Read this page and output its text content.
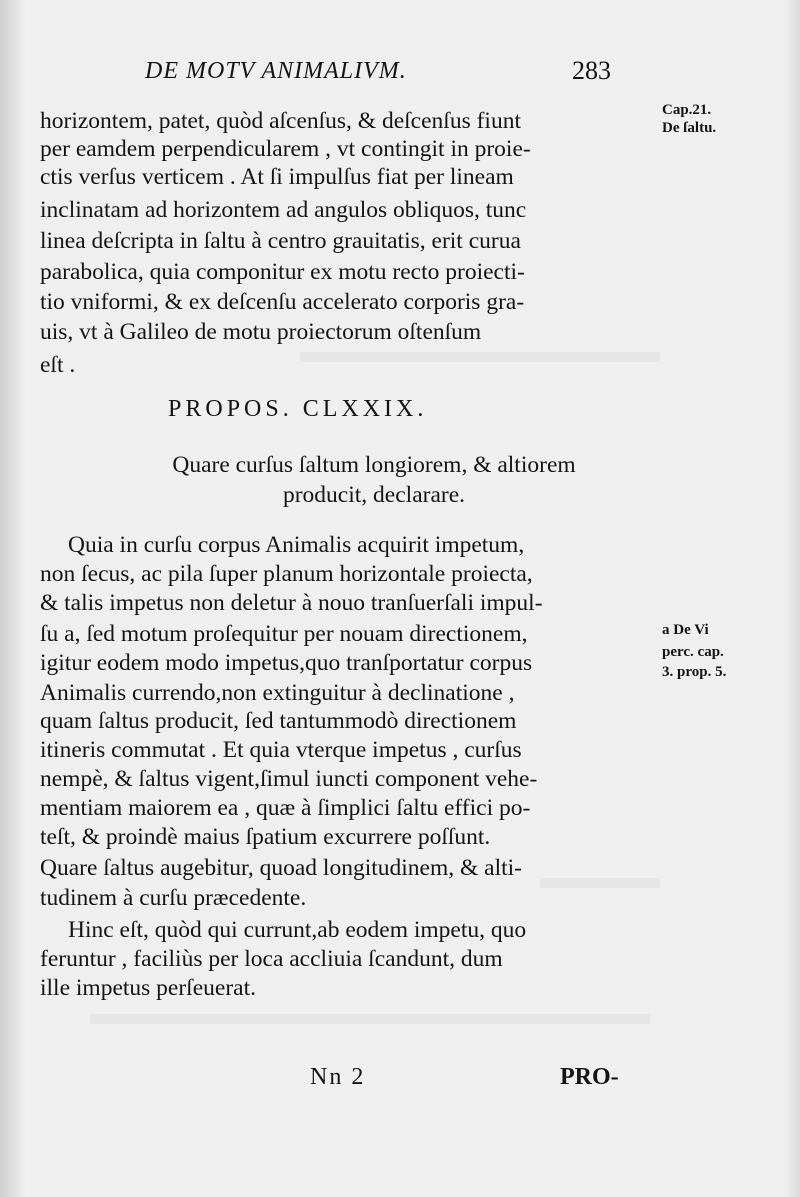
DE MOTV ANIMALIVM.	283
horizontem, patet, quòd aſcenſus, & deſcenſus fiunt
per eamdem perpendicularem , vt contingit in proie-
ctis verſus verticem . At ſi impulſus fiat per lineam
inclinatam ad horizontem ad angulos obliquos, tunc
linea deſcripta in ſaltu à centro grauitatis, erit curua
parabolica, quia componitur ex motu recto proiecti-
tio vniformi, & ex deſcenſu accelerato corporis gra-
uis, vt à Galileo de motu proiectorum oſtenſum
eſt .
Cap.21.
De ſaltu.
a De Vi
perc. cap.
3. prop. 5.
PROPOS. CLXXIX.
Quare curſus ſaltum longiorem, & altiorem
producit, declarare.
Quia in curſu corpus Animalis acquirit impetum,
non ſecus, ac pila ſuper planum horizontale proiecta,
& talis impetus non deletur à nouo tranſuerſali impul-
ſu a, ſed motum proſequitur per nouam directionem,
igitur eodem modo impetus,quo tranſportatur corpus
Animalis currendo,non extinguitur à declinatione ,
quam ſaltus producit, ſed tantummodò directionem
itineris commutat . Et quia vterque impetus , curſus
nempè, & ſaltus vigent,ſimul iuncti component vehe-
mentiam maiorem ea , quæ à ſimplici ſaltu effici po-
teſt, & proindè maius ſpatium excurrere poſſunt.
Quare ſaltus augebitur, quoad longitudinem, & alti-
tudinem à curſu præcedente.
Hinc eſt, quòd qui currunt,ab eodem impetu, quo
feruntur , faciliùs per loca accliuia ſcandunt, dum
ille impetus perſeuerat.
Nn 2	PRO-
